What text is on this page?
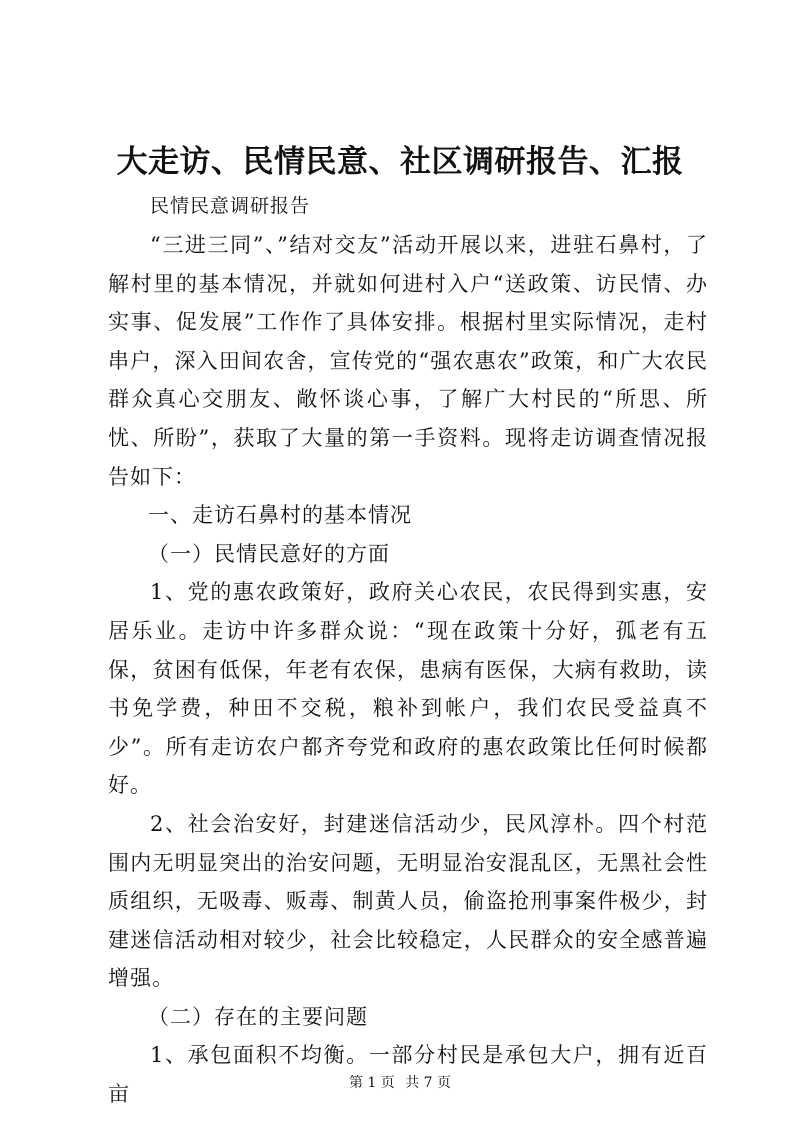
大走访、民情民意、社区调研报告、汇报
民情民意调研报告

“三进三同”、”结对交友”活动开展以来，进驻石鼻村，了解村里的基本情况，并就如何进村入户“送政策、访民情、办实事、促发展”工作作了具体安排。根据村里实际情况，走村串户，深入田间农舍，宣传党的“强农惠农”政策，和广大农民群众真心交朋友、敞怀谈心事，了解广大村民的“所思、所忧、所盼”，获取了大量的第一手资料。现将走访调查情况报告如下：

一、走访石鼻村的基本情况

（一）民情民意好的方面

1、党的惠农政策好，政府关心农民，农民得到实惠，安居乐业。走访中许多群众说：“现在政策十分好，孤老有五保，贫困有低保，年老有农保，患病有医保，大病有救助，读书免学费，种田不交税，粮补到帐户，我们农民受益真不少”。所有走访农户都齐夸党和政府的惠农政策比任何时候都好。

2、社会治安好，封建迷信活动少，民风淳朴。四个村范围内无明显突出的治安问题，无明显治安混乱区，无黑社会性质组织，无吸毒、贩毒、制黄人员，偷盗抢刑事案件极少，封建迷信活动相对较少，社会比较稳定，人民群众的安全感普遍增强。

（二）存在的主要问题

1、承包面积不均衡。一部分村民是承包大户，拥有近百亩	第 1 页 共 7 页
